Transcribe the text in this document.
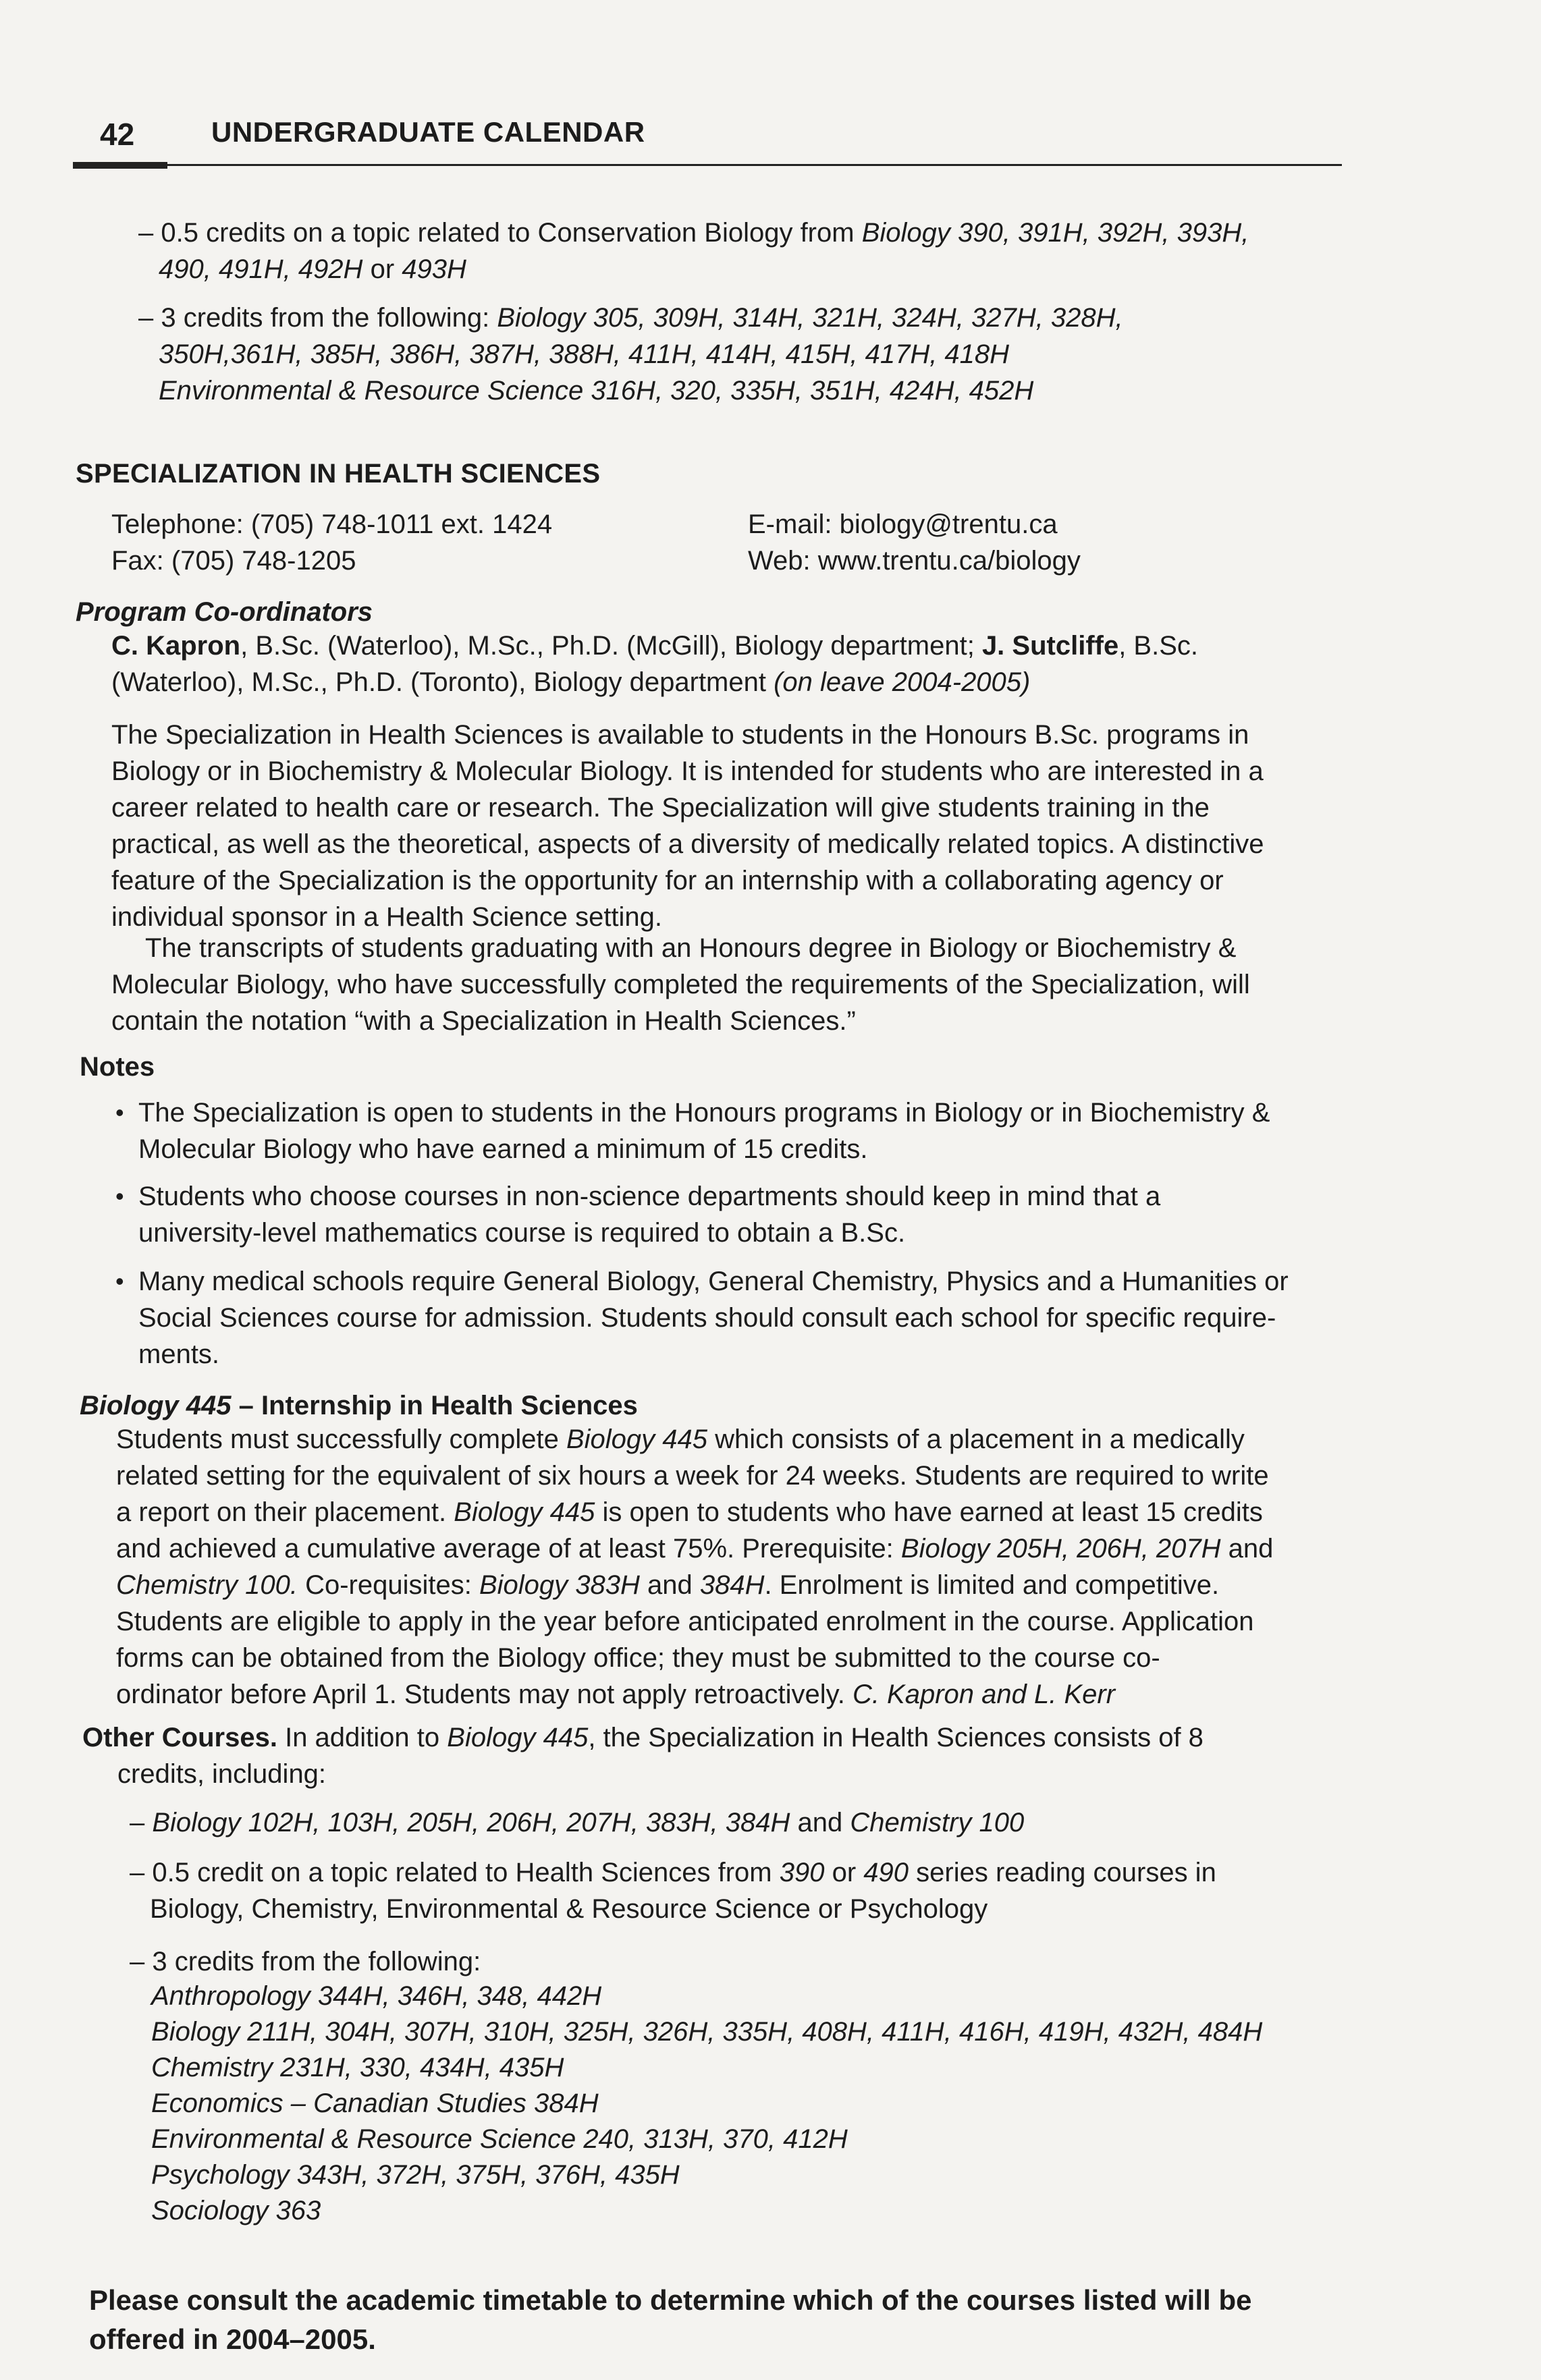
42	UNDERGRADUATE CALENDAR
– 0.5 credits on a topic related to Conservation Biology from Biology 390, 391H, 392H, 393H,
490, 491H, 492H or 493H
– 3 credits from the following: Biology 305, 309H, 314H, 321H, 324H, 327H, 328H,
350H,361H, 385H, 386H, 387H, 388H, 411H, 414H, 415H, 417H, 418H
Environmental & Resource Science 316H, 320, 335H, 351H, 424H, 452H
SPECIALIZATION IN HEALTH SCIENCES
Telephone: (705) 748-1011 ext. 1424
Fax: (705) 748-1205
E-mail: biology@trentu.ca
Web: www.trentu.ca/biology
Program Co-ordinators
C. Kapron, B.Sc. (Waterloo), M.Sc., Ph.D. (McGill), Biology department; J. Sutcliffe, B.Sc.
(Waterloo), M.Sc., Ph.D. (Toronto), Biology department (on leave 2004-2005)
The Specialization in Health Sciences is available to students in the Honours B.Sc. programs in
Biology or in Biochemistry & Molecular Biology. It is intended for students who are interested in a
career related to health care or research. The Specialization will give students training in the
practical, as well as the theoretical, aspects of a diversity of medically related topics. A distinctive
feature of the Specialization is the opportunity for an internship with a collaborating agency or
individual sponsor in a Health Science setting.
The transcripts of students graduating with an Honours degree in Biology or Biochemistry &
Molecular Biology, who have successfully completed the requirements of the Specialization, will
contain the notation “with a Specialization in Health Sciences.”
Notes
• The Specialization is open to students in the Honours programs in Biology or in Biochemistry &
Molecular Biology who have earned a minimum of 15 credits.
• Students who choose courses in non-science departments should keep in mind that a
university-level mathematics course is required to obtain a B.Sc.
• Many medical schools require General Biology, General Chemistry, Physics and a Humanities or
Social Sciences course for admission. Students should consult each school for specific require-
ments.
Biology 445 – Internship in Health Sciences
Students must successfully complete Biology 445 which consists of a placement in a medically
related setting for the equivalent of six hours a week for 24 weeks. Students are required to write
a report on their placement. Biology 445 is open to students who have earned at least 15 credits
and achieved a cumulative average of at least 75%. Prerequisite: Biology 205H, 206H, 207H and
Chemistry 100. Co-requisites: Biology 383H and 384H. Enrolment is limited and competitive.
Students are eligible to apply in the year before anticipated enrolment in the course. Application
forms can be obtained from the Biology office; they must be submitted to the course co-
ordinator before April 1. Students may not apply retroactively. C. Kapron and L. Kerr
Other Courses. In addition to Biology 445, the Specialization in Health Sciences consists of 8
credits, including:
– Biology 102H, 103H, 205H, 206H, 207H, 383H, 384H and Chemistry 100
– 0.5 credit on a topic related to Health Sciences from 390 or 490 series reading courses in
Biology, Chemistry, Environmental & Resource Science or Psychology
– 3 credits from the following:
Anthropology 344H, 346H, 348, 442H
Biology 211H, 304H, 307H, 310H, 325H, 326H, 335H, 408H, 411H, 416H, 419H, 432H, 484H
Chemistry 231H, 330, 434H, 435H
Economics – Canadian Studies 384H
Environmental & Resource Science 240, 313H, 370, 412H
Psychology 343H, 372H, 375H, 376H, 435H
Sociology 363
Please consult the academic timetable to determine which of the courses listed will be
offered in 2004–2005.
